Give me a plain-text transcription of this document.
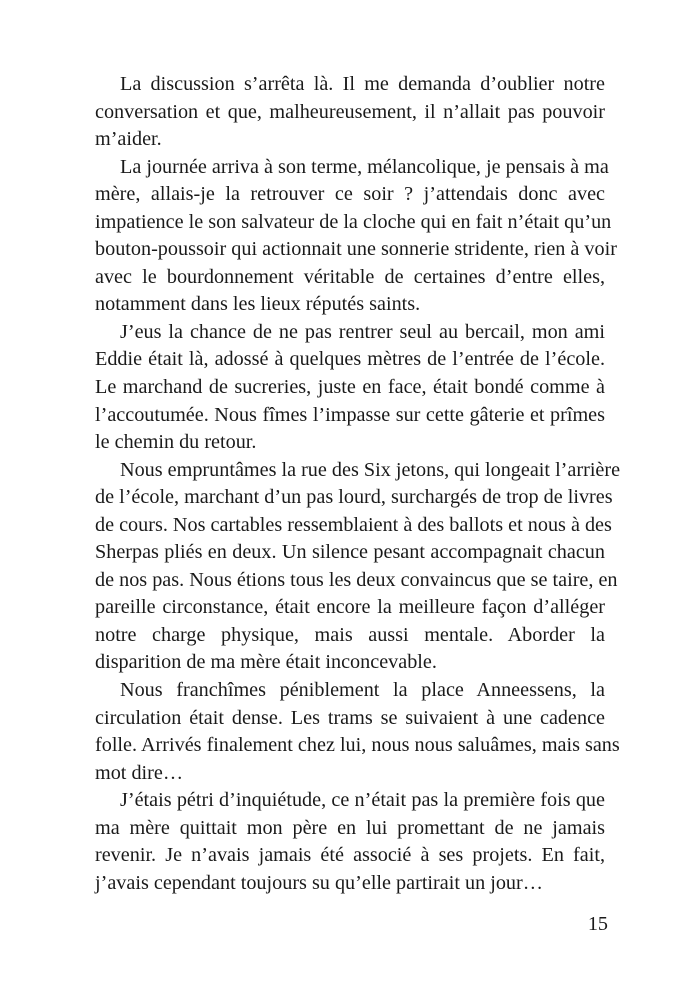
La discussion s’arrêta là. Il me demanda d’oublier notre
conversation et que, malheureusement, il n’allait pas pouvoir
m’aider.
La journée arriva à son terme, mélancolique, je pensais à ma
mère, allais-je la retrouver ce soir ? j’attendais donc avec
impatience le son salvateur de la cloche qui en fait n’était qu’un
bouton-poussoir qui actionnait une sonnerie stridente, rien à voir
avec le bourdonnement véritable de certaines d’entre elles,
notamment dans les lieux réputés saints.
J’eus la chance de ne pas rentrer seul au bercail, mon ami
Eddie était là, adossé à quelques mètres de l’entrée de l’école.
Le marchand de sucreries, juste en face, était bondé comme à
l’accoutumée. Nous fîmes l’impasse sur cette gâterie et prîmes
le chemin du retour.
Nous empruntâmes la rue des Six jetons, qui longeait l’arrière
de l’école, marchant d’un pas lourd, surchargés de trop de livres
de cours. Nos cartables ressemblaient à des ballots et nous à des
Sherpas pliés en deux. Un silence pesant accompagnait chacun
de nos pas. Nous étions tous les deux convaincus que se taire, en
pareille circonstance, était encore la meilleure façon d’alléger
notre charge physique, mais aussi mentale. Aborder la
disparition de ma mère était inconcevable.
Nous franchîmes péniblement la place Anneessens, la
circulation était dense. Les trams se suivaient à une cadence
folle. Arrivés finalement chez lui, nous nous saluâmes, mais sans
mot dire…
J’étais pétri d’inquiétude, ce n’était pas la première fois que
ma mère quittait mon père en lui promettant de ne jamais
revenir. Je n’avais jamais été associé à ses projets. En fait,
j’avais cependant toujours su qu’elle partirait un jour…
15
